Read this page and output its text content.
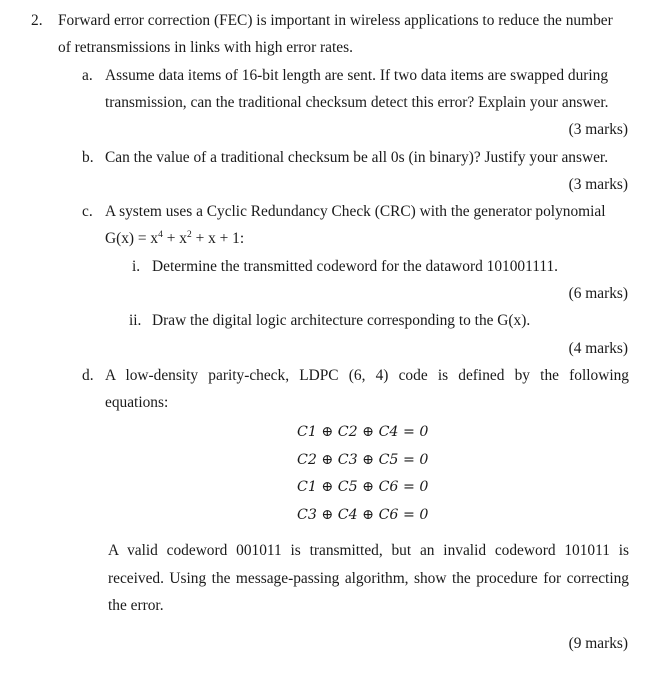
2. Forward error correction (FEC) is important in wireless applications to reduce the number
of retransmissions in links with high error rates.
a. Assume data items of 16-bit length are sent. If two data items are swapped during
transmission, can the traditional checksum detect this error? Explain your answer.
(3 marks)
b. Can the value of a traditional checksum be all 0s (in binary)? Justify your answer.
(3 marks)
c. A system uses a Cyclic Redundancy Check (CRC) with the generator polynomial
$G(x) = x^4 + x^2 + x + 1$:
i. Determine the transmitted codeword for the dataword 101001111.
(6 marks)
ii. Draw the digital logic architecture corresponding to the G(x).
(4 marks)
d. A low-density parity-check, LDPC (6, 4) code is defined by the following
equations:
C1 ⊕ C2 ⊕ C4 = 0
C2 ⊕ C3 ⊕ C5 = 0
C1 ⊕ C5 ⊕ C6 = 0
C3 ⊕ C4 ⊕ C6 = 0
A valid codeword 001011 is transmitted, but an invalid codeword 101011 is
received. Using the message-passing algorithm, show the procedure for correcting
the error.
(9 marks)
